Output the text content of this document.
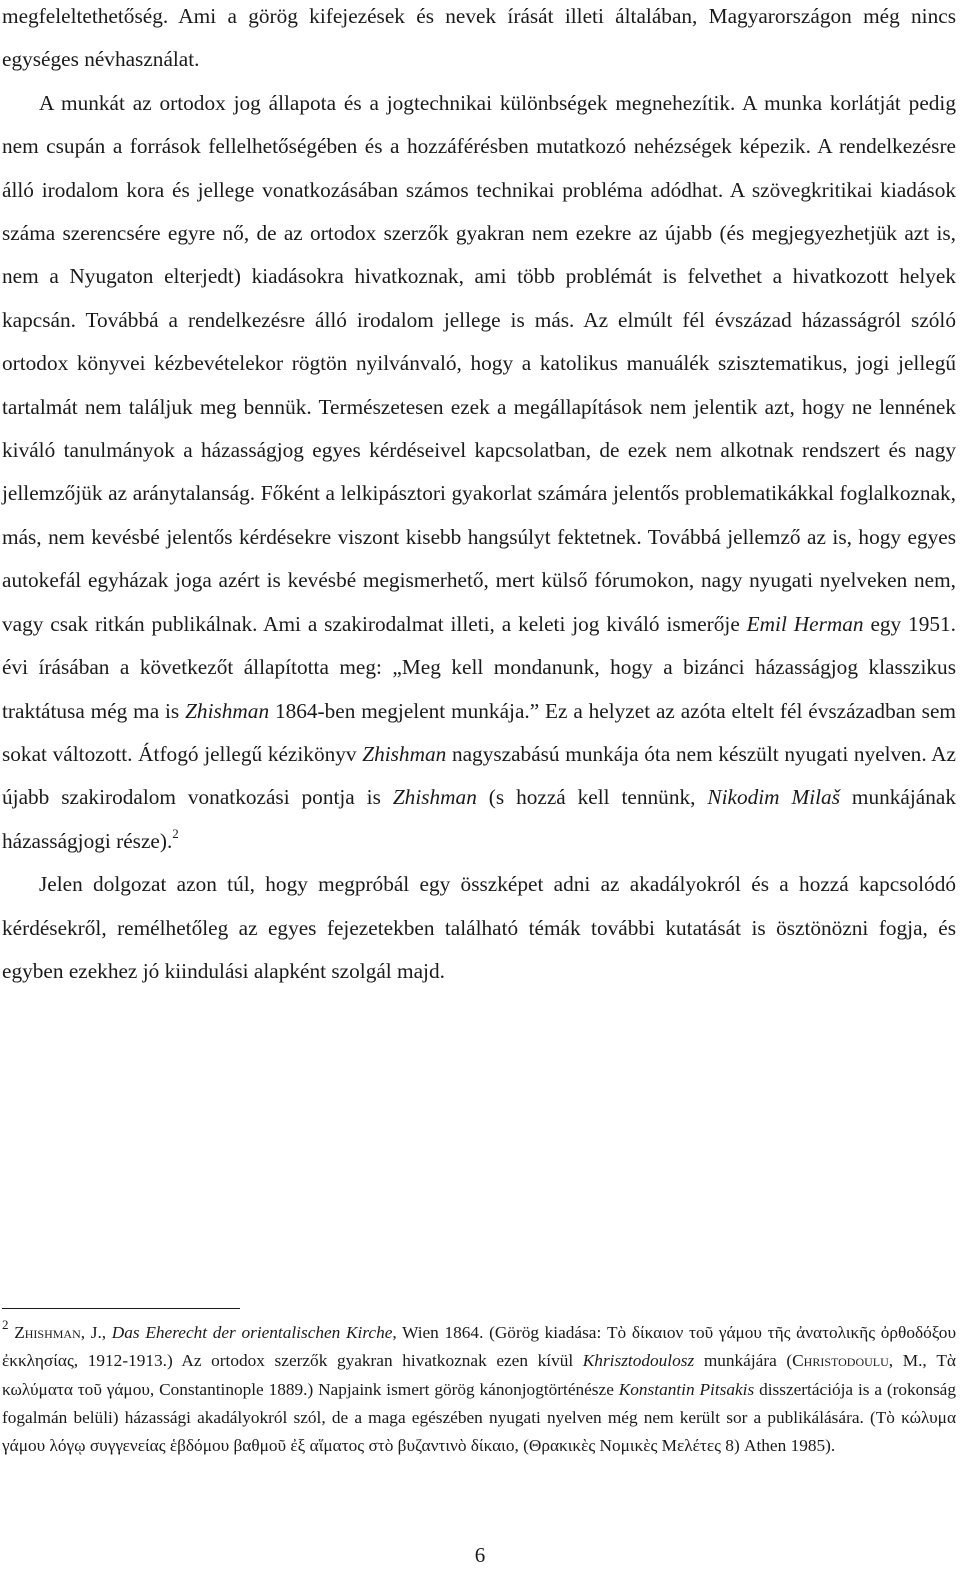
megfeleltethetőség. Ami a görög kifejezések és nevek írását illeti általában, Magyarországon még nincs egységes névhasználat.

A munkát az ortodox jog állapota és a jogtechnikai különbségek megnehezítik. A munka korlátját pedig nem csupán a források fellelhetőségében és a hozzáférésben mutatkozó nehézségek képezik. A rendelkezésre álló irodalom kora és jellege vonatkozásában számos technikai probléma adódhat. A szövegkritikai kiadások száma szerencsére egyre nő, de az ortodox szerzők gyakran nem ezekre az újabb (és megjegyezhetjük azt is, nem a Nyugaton elterjedt) kiadásokra hivatkoznak, ami több problémát is felvethet a hivatkozott helyek kapcsán. Továbbá a rendelkezésre álló irodalom jellege is más. Az elmúlt fél évszázad házasságról szóló ortodox könyvei kézbevételekor rögtön nyilvánvaló, hogy a katolikus manuálék szisztematikus, jogi jellegű tartalmát nem találjuk meg bennük. Természetesen ezek a megállapítások nem jelentik azt, hogy ne lennének kiváló tanulmányok a házasságjog egyes kérdéseivel kapcsolatban, de ezek nem alkotnak rendszert és nagy jellemzőjük az aránytalanság. Főként a lelkipásztori gyakorlat számára jelentős problematikákkal foglalkoznak, más, nem kevésbé jelentős kérdésekre viszont kisebb hangsúlyt fektetnek. Továbbá jellemző az is, hogy egyes autokefál egyházak joga azért is kevésbé megismerhető, mert külső fórumokon, nagy nyugati nyelveken nem, vagy csak ritkán publikálnak. Ami a szakirodalmat illeti, a keleti jog kiváló ismerője Emil Herman egy 1951. évi írásában a következőt állapította meg: „Meg kell mondanunk, hogy a bizánci házasságjog klasszikus traktátusa még ma is Zhishman 1864-ben megjelent munkája.” Ez a helyzet az azóta eltelt fél évszázadban sem sokat változott. Átfogó jellegű kézikönyv Zhishman nagyszabású munkája óta nem készült nyugati nyelven. Az újabb szakirodalom vonatkozási pontja is Zhishman (s hozzá kell tennünk, Nikodim Milaš munkájának házasságjogi része).$^2$

Jelen dolgozat azon túl, hogy megpróbál egy összképet adni az akadályokról és a hozzá kapcsolódó kérdésekről, remélhetőleg az egyes fejezetekben található témák további kutatását is ösztönözni fogja, és egyben ezekhez jó kiindulási alapként szolgál majd.

$^2$ Zhishman, J., Das Eherecht der orientalischen Kirche, Wien 1864. (Görög kiadása: Τὸ δίκαιον τοῦ γάμου τῆς ἀνατολικῆς ὀρθοδόξου ἐκκλησίας, 1912-1913.) Az ortodox szerzők gyakran hivatkoznak ezen kívül Khrisztodoulosz munkájára (Christodoulu, M., Τὰ κωλύματα τοῦ γάμου, Constantinople 1889.) Napjaink ismert görög kánonjogtörténésze Konstantin Pitsakis disszertációja is a (rokonság fogalmán belüli) házassági akadályokról szól, de a maga egészében nyugati nyelven még nem került sor a publikálására. (Τὸ κώλυμα γάμου λόγῳ συγγενείας ἑβδόμου βαθμοῦ ἐξ αἵματος στὸ βυζαντινὸ δίκαιο, (Θρακικὲς Νομικὲς Μελέτες 8) Athen 1985).

6
